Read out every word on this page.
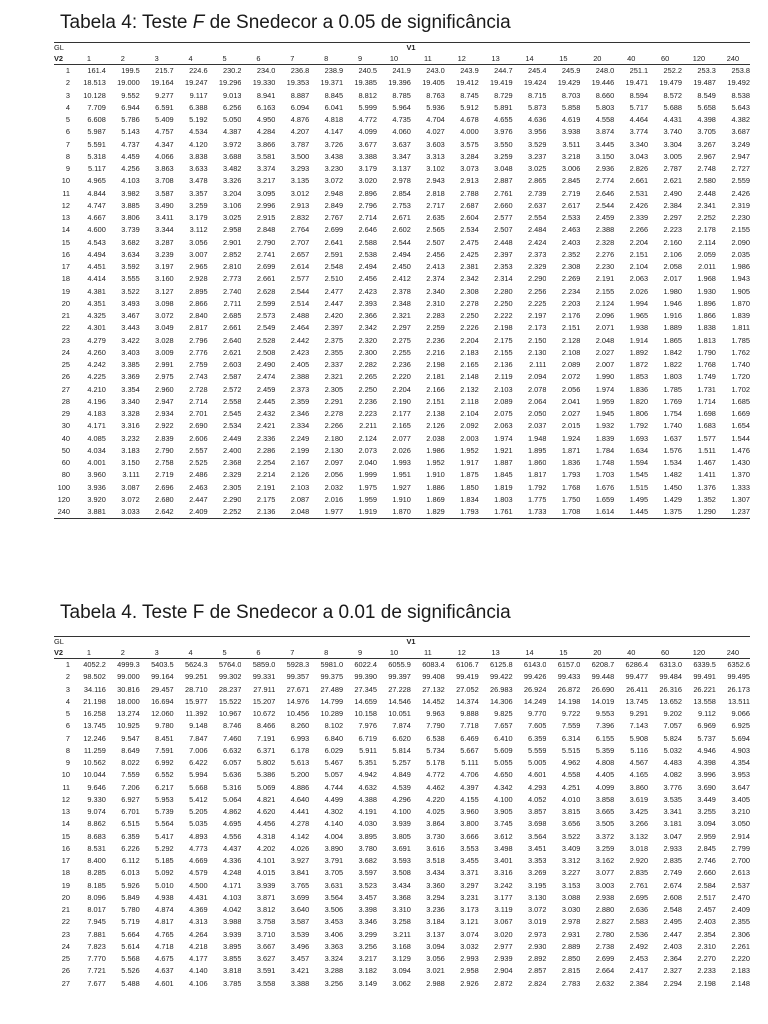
Tabela 4: Teste F de Snedecor a 0.05 de significância
GL	V1																			
V2	1	2	3	4	5	6	7	8	9	10	11	12	13	14	15	20	40	60	120	240
1	161.4	199.5	215.7	224.6	230.2	234.0	236.8	238.9	240.5	241.9	243.0	243.9	244.7	245.4	245.9	248.0	251.1	252.2	253.3	253.8
2	18.513	19.000	19.164	19.247	19.296	19.330	19.353	19.371	19.385	19.396	19.405	19.412	19.419	19.424	19.429	19.446	19.471	19.479	19.487	19.492
3	10.128	9.552	9.277	9.117	9.013	8.941	8.887	8.845	8.812	8.785	8.763	8.745	8.729	8.715	8.703	8.660	8.594	8.572	8.549	8.538
4	7.709	6.944	6.591	6.388	6.256	6.163	6.094	6.041	5.999	5.964	5.936	5.912	5.891	5.873	5.858	5.803	5.717	5.688	5.658	5.643
5	6.608	5.786	5.409	5.192	5.050	4.950	4.876	4.818	4.772	4.735	4.704	4.678	4.655	4.636	4.619	4.558	4.464	4.431	4.398	4.382
6	5.987	5.143	4.757	4.534	4.387	4.284	4.207	4.147	4.099	4.060	4.027	4.000	3.976	3.956	3.938	3.874	3.774	3.740	3.705	3.687
7	5.591	4.737	4.347	4.120	3.972	3.866	3.787	3.726	3.677	3.637	3.603	3.575	3.550	3.529	3.511	3.445	3.340	3.304	3.267	3.249
8	5.318	4.459	4.066	3.838	3.688	3.581	3.500	3.438	3.388	3.347	3.313	3.284	3.259	3.237	3.218	3.150	3.043	3.005	2.967	2.947
9	5.117	4.256	3.863	3.633	3.482	3.374	3.293	3.230	3.179	3.137	3.102	3.073	3.048	3.025	3.006	2.936	2.826	2.787	2.748	2.727
10	4.965	4.103	3.708	3.478	3.326	3.217	3.135	3.072	3.020	2.978	2.943	2.913	2.887	2.865	2.845	2.774	2.661	2.621	2.580	2.559
11	4.844	3.982	3.587	3.357	3.204	3.095	3.012	2.948	2.896	2.854	2.818	2.788	2.761	2.739	2.719	2.646	2.531	2.490	2.448	2.426
12	4.747	3.885	3.490	3.259	3.106	2.996	2.913	2.849	2.796	2.753	2.717	2.687	2.660	2.637	2.617	2.544	2.426	2.384	2.341	2.319
13	4.667	3.806	3.411	3.179	3.025	2.915	2.832	2.767	2.714	2.671	2.635	2.604	2.577	2.554	2.533	2.459	2.339	2.297	2.252	2.230
14	4.600	3.739	3.344	3.112	2.958	2.848	2.764	2.699	2.646	2.602	2.565	2.534	2.507	2.484	2.463	2.388	2.266	2.223	2.178	2.155
15	4.543	3.682	3.287	3.056	2.901	2.790	2.707	2.641	2.588	2.544	2.507	2.475	2.448	2.424	2.403	2.328	2.204	2.160	2.114	2.090
16	4.494	3.634	3.239	3.007	2.852	2.741	2.657	2.591	2.538	2.494	2.456	2.425	2.397	2.373	2.352	2.276	2.151	2.106	2.059	2.035
17	4.451	3.592	3.197	2.965	2.810	2.699	2.614	2.548	2.494	2.450	2.413	2.381	2.353	2.329	2.308	2.230	2.104	2.058	2.011	1.986
18	4.414	3.555	3.160	2.928	2.773	2.661	2.577	2.510	2.456	2.412	2.374	2.342	2.314	2.290	2.269	2.191	2.063	2.017	1.968	1.943
19	4.381	3.522	3.127	2.895	2.740	2.628	2.544	2.477	2.423	2.378	2.340	2.308	2.280	2.256	2.234	2.155	2.026	1.980	1.930	1.905
20	4.351	3.493	3.098	2.866	2.711	2.599	2.514	2.447	2.393	2.348	2.310	2.278	2.250	2.225	2.203	2.124	1.994	1.946	1.896	1.870
21	4.325	3.467	3.072	2.840	2.685	2.573	2.488	2.420	2.366	2.321	2.283	2.250	2.222	2.197	2.176	2.096	1.965	1.916	1.866	1.839
22	4.301	3.443	3.049	2.817	2.661	2.549	2.464	2.397	2.342	2.297	2.259	2.226	2.198	2.173	2.151	2.071	1.938	1.889	1.838	1.811
23	4.279	3.422	3.028	2.796	2.640	2.528	2.442	2.375	2.320	2.275	2.236	2.204	2.175	2.150	2.128	2.048	1.914	1.865	1.813	1.785
24	4.260	3.403	3.009	2.776	2.621	2.508	2.423	2.355	2.300	2.255	2.216	2.183	2.155	2.130	2.108	2.027	1.892	1.842	1.790	1.762
25	4.242	3.385	2.991	2.759	2.603	2.490	2.405	2.337	2.282	2.236	2.198	2.165	2.136	2.111	2.089	2.007	1.872	1.822	1.768	1.740
26	4.225	3.369	2.975	2.743	2.587	2.474	2.388	2.321	2.265	2.220	2.181	2.148	2.119	2.094	2.072	1.990	1.853	1.803	1.749	1.720
27	4.210	3.354	2.960	2.728	2.572	2.459	2.373	2.305	2.250	2.204	2.166	2.132	2.103	2.078	2.056	1.974	1.836	1.785	1.731	1.702
28	4.196	3.340	2.947	2.714	2.558	2.445	2.359	2.291	2.236	2.190	2.151	2.118	2.089	2.064	2.041	1.959	1.820	1.769	1.714	1.685
29	4.183	3.328	2.934	2.701	2.545	2.432	2.346	2.278	2.223	2.177	2.138	2.104	2.075	2.050	2.027	1.945	1.806	1.754	1.698	1.669
30	4.171	3.316	2.922	2.690	2.534	2.421	2.334	2.266	2.211	2.165	2.126	2.092	2.063	2.037	2.015	1.932	1.792	1.740	1.683	1.654
40	4.085	3.232	2.839	2.606	2.449	2.336	2.249	2.180	2.124	2.077	2.038	2.003	1.974	1.948	1.924	1.839	1.693	1.637	1.577	1.544
50	4.034	3.183	2.790	2.557	2.400	2.286	2.199	2.130	2.073	2.026	1.986	1.952	1.921	1.895	1.871	1.784	1.634	1.576	1.511	1.476
60	4.001	3.150	2.758	2.525	2.368	2.254	2.167	2.097	2.040	1.993	1.952	1.917	1.887	1.860	1.836	1.748	1.594	1.534	1.467	1.430
80	3.960	3.111	2.719	2.486	2.329	2.214	2.126	2.056	1.999	1.951	1.910	1.875	1.845	1.817	1.793	1.703	1.545	1.482	1.411	1.370
100	3.936	3.087	2.696	2.463	2.305	2.191	2.103	2.032	1.975	1.927	1.886	1.850	1.819	1.792	1.768	1.676	1.515	1.450	1.376	1.333
120	3.920	3.072	2.680	2.447	2.290	2.175	2.087	2.016	1.959	1.910	1.869	1.834	1.803	1.775	1.750	1.659	1.495	1.429	1.352	1.307
240	3.881	3.033	2.642	2.409	2.252	2.136	2.048	1.977	1.919	1.870	1.829	1.793	1.761	1.733	1.708	1.614	1.445	1.375	1.290	1.237
Tabela 4. Teste F de Snedecor a 0.01 de significância
GL	V1																			
V2	1	2	3	4	5	6	7	8	9	10	11	12	13	14	15	20	40	60	120	240
1	4052.2	4999.3	5403.5	5624.3	5764.0	5859.0	5928.3	5981.0	6022.4	6055.9	6083.4	6106.7	6125.8	6143.0	6157.0	6208.7	6286.4	6313.0	6339.5	6352.6
2	98.502	99.000	99.164	99.251	99.302	99.331	99.357	99.375	99.390	99.397	99.408	99.419	99.422	99.426	99.433	99.448	99.477	99.484	99.491	99.495
3	34.116	30.816	29.457	28.710	28.237	27.911	27.671	27.489	27.345	27.228	27.132	27.052	26.983	26.924	26.872	26.690	26.411	26.316	26.221	26.173
4	21.198	18.000	16.694	15.977	15.522	15.207	14.976	14.799	14.659	14.546	14.452	14.374	14.306	14.249	14.198	14.019	13.745	13.652	13.558	13.511
5	16.258	13.274	12.060	11.392	10.967	10.672	10.456	10.289	10.158	10.051	9.963	9.888	9.825	9.770	9.722	9.553	9.291	9.202	9.112	9.066
6	13.745	10.925	9.780	9.148	8.746	8.466	8.260	8.102	7.976	7.874	7.790	7.718	7.657	7.605	7.559	7.396	7.143	7.057	6.969	6.925
7	12.246	9.547	8.451	7.847	7.460	7.191	6.993	6.840	6.719	6.620	6.538	6.469	6.410	6.359	6.314	6.155	5.908	5.824	5.737	5.694
8	11.259	8.649	7.591	7.006	6.632	6.371	6.178	6.029	5.911	5.814	5.734	5.667	5.609	5.559	5.515	5.359	5.116	5.032	4.946	4.903
9	10.562	8.022	6.992	6.422	6.057	5.802	5.613	5.467	5.351	5.257	5.178	5.111	5.055	5.005	4.962	4.808	4.567	4.483	4.398	4.354
10	10.044	7.559	6.552	5.994	5.636	5.386	5.200	5.057	4.942	4.849	4.772	4.706	4.650	4.601	4.558	4.405	4.165	4.082	3.996	3.953
11	9.646	7.206	6.217	5.668	5.316	5.069	4.886	4.744	4.632	4.539	4.462	4.397	4.342	4.293	4.251	4.099	3.860	3.776	3.690	3.647
12	9.330	6.927	5.953	5.412	5.064	4.821	4.640	4.499	4.388	4.296	4.220	4.155	4.100	4.052	4.010	3.858	3.619	3.535	3.449	3.405
13	9.074	6.701	5.739	5.205	4.862	4.620	4.441	4.302	4.191	4.100	4.025	3.960	3.905	3.857	3.815	3.665	3.425	3.341	3.255	3.210
14	8.862	6.515	5.564	5.035	4.695	4.456	4.278	4.140	4.030	3.939	3.864	3.800	3.745	3.698	3.656	3.505	3.266	3.181	3.094	3.050
15	8.683	6.359	5.417	4.893	4.556	4.318	4.142	4.004	3.895	3.805	3.730	3.666	3.612	3.564	3.522	3.372	3.132	3.047	2.959	2.914
16	8.531	6.226	5.292	4.773	4.437	4.202	4.026	3.890	3.780	3.691	3.616	3.553	3.498	3.451	3.409	3.259	3.018	2.933	2.845	2.799
17	8.400	6.112	5.185	4.669	4.336	4.101	3.927	3.791	3.682	3.593	3.518	3.455	3.401	3.353	3.312	3.162	2.920	2.835	2.746	2.700
18	8.285	6.013	5.092	4.579	4.248	4.015	3.841	3.705	3.597	3.508	3.434	3.371	3.316	3.269	3.227	3.077	2.835	2.749	2.660	2.613
19	8.185	5.926	5.010	4.500	4.171	3.939	3.765	3.631	3.523	3.434	3.360	3.297	3.242	3.195	3.153	3.003	2.761	2.674	2.584	2.537
20	8.096	5.849	4.938	4.431	4.103	3.871	3.699	3.564	3.457	3.368	3.294	3.231	3.177	3.130	3.088	2.938	2.695	2.608	2.517	2.470
21	8.017	5.780	4.874	4.369	4.042	3.812	3.640	3.506	3.398	3.310	3.236	3.173	3.119	3.072	3.030	2.880	2.636	2.548	2.457	2.409
22	7.945	5.719	4.817	4.313	3.988	3.758	3.587	3.453	3.346	3.258	3.184	3.121	3.067	3.019	2.978	2.827	2.583	2.495	2.403	2.355
23	7.881	5.664	4.765	4.264	3.939	3.710	3.539	3.406	3.299	3.211	3.137	3.074	3.020	2.973	2.931	2.780	2.536	2.447	2.354	2.306
24	7.823	5.614	4.718	4.218	3.895	3.667	3.496	3.363	3.256	3.168	3.094	3.032	2.977	2.930	2.889	2.738	2.492	2.403	2.310	2.261
25	7.770	5.568	4.675	4.177	3.855	3.627	3.457	3.324	3.217	3.129	3.056	2.993	2.939	2.892	2.850	2.699	2.453	2.364	2.270	2.220
26	7.721	5.526	4.637	4.140	3.818	3.591	3.421	3.288	3.182	3.094	3.021	2.958	2.904	2.857	2.815	2.664	2.417	2.327	2.233	2.183
27	7.677	5.488	4.601	4.106	3.785	3.558	3.388	3.256	3.149	3.062	2.988	2.926	2.872	2.824	2.783	2.632	2.384	2.294	2.198	2.148
